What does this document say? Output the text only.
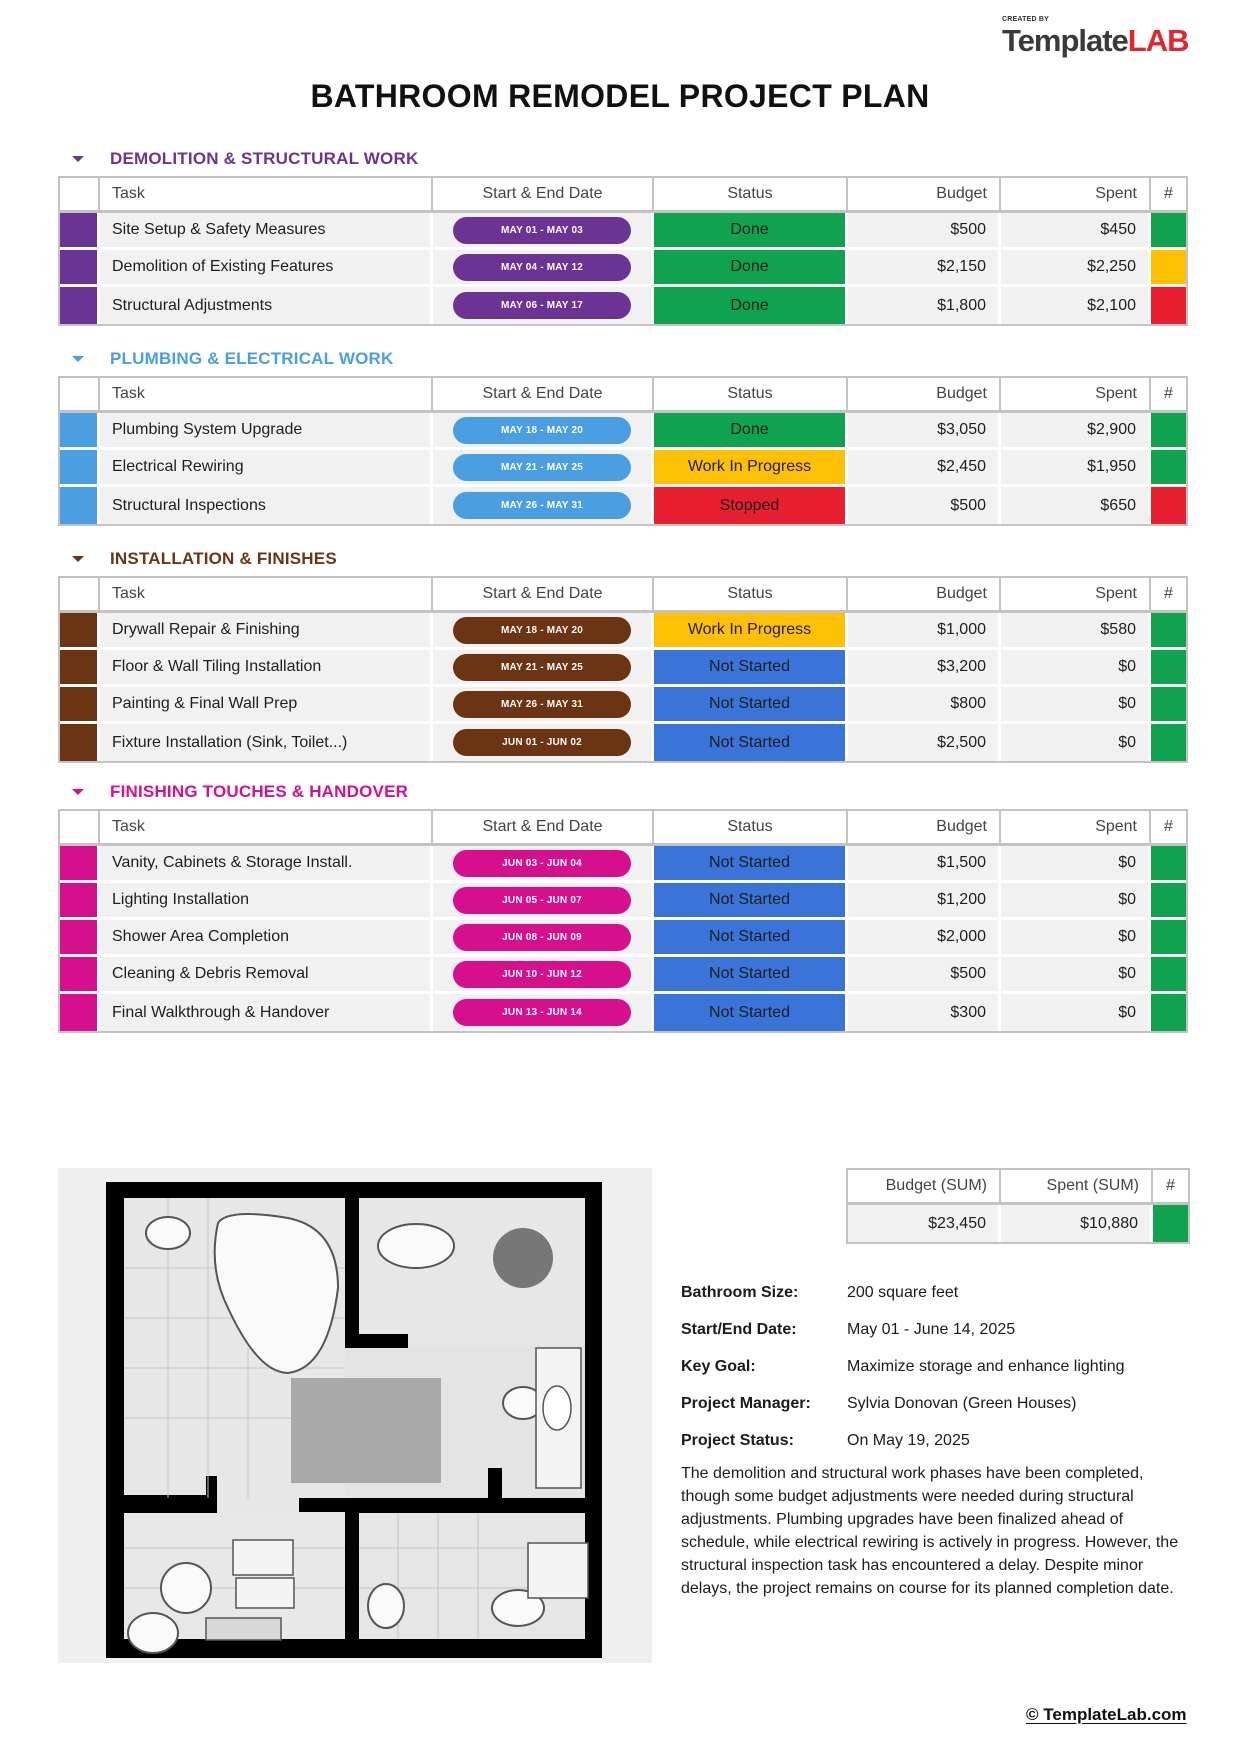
CREATED BY
TemplateLAB
BATHROOM REMODEL PROJECT PLAN
DEMOLITION & STRUCTURAL WORK
	Task	Start & End Date	Status	Budget	Spent	#
	Site Setup & Safety Measures	MAY 01 - MAY 03	Done	$500	$450	
	Demolition of Existing Features	MAY 04 - MAY 12	Done	$2,150	$2,250	
	Structural Adjustments	MAY 06 - MAY 17	Done	$1,800	$2,100	
PLUMBING & ELECTRICAL WORK
	Task	Start & End Date	Status	Budget	Spent	#
	Plumbing System Upgrade	MAY 18 - MAY 20	Done	$3,050	$2,900	
	Electrical Rewiring	MAY 21 - MAY 25	Work In Progress	$2,450	$1,950	
	Structural Inspections	MAY 26 - MAY 31	Stopped	$500	$650	
INSTALLATION & FINISHES
	Task	Start & End Date	Status	Budget	Spent	#
	Drywall Repair & Finishing	MAY 18 - MAY 20	Work In Progress	$1,000	$580	
	Floor & Wall Tiling Installation	MAY 21 - MAY 25	Not Started	$3,200	$0	
	Painting & Final Wall Prep	MAY 26 - MAY 31	Not Started	$800	$0	
	Fixture Installation (Sink, Toilet...)	JUN 01 - JUN 02	Not Started	$2,500	$0	
FINISHING TOUCHES & HANDOVER
	Task	Start & End Date	Status	Budget	Spent	#
	Vanity, Cabinets & Storage Install.	JUN 03 - JUN 04	Not Started	$1,500	$0	
	Lighting Installation	JUN 05 - JUN 07	Not Started	$1,200	$0	
	Shower Area Completion	JUN 08 - JUN 09	Not Started	$2,000	$0	
	Cleaning & Debris Removal	JUN 10 - JUN 12	Not Started	$500	$0	
	Final Walkthrough & Handover	JUN 13 - JUN 14	Not Started	$300	$0	
Budget (SUM)	Spent (SUM)	#
$23,450	$10,880	
Bathroom Size:	200 square feet
Start/End Date:	May 01 - June 14, 2025
Key Goal:	Maximize storage and enhance lighting
Project Manager: Sylvia Donovan (Green Houses)
Project Status:	On May 19, 2025

The demolition and structural work phases have been completed, though some budget adjustments were needed during structural adjustments. Plumbing upgrades have been finalized ahead of schedule, while electrical rewiring is actively in progress. However, the structural inspection task has encountered a delay. Despite minor delays, the project remains on course for its planned completion date.

© TemplateLab.com
